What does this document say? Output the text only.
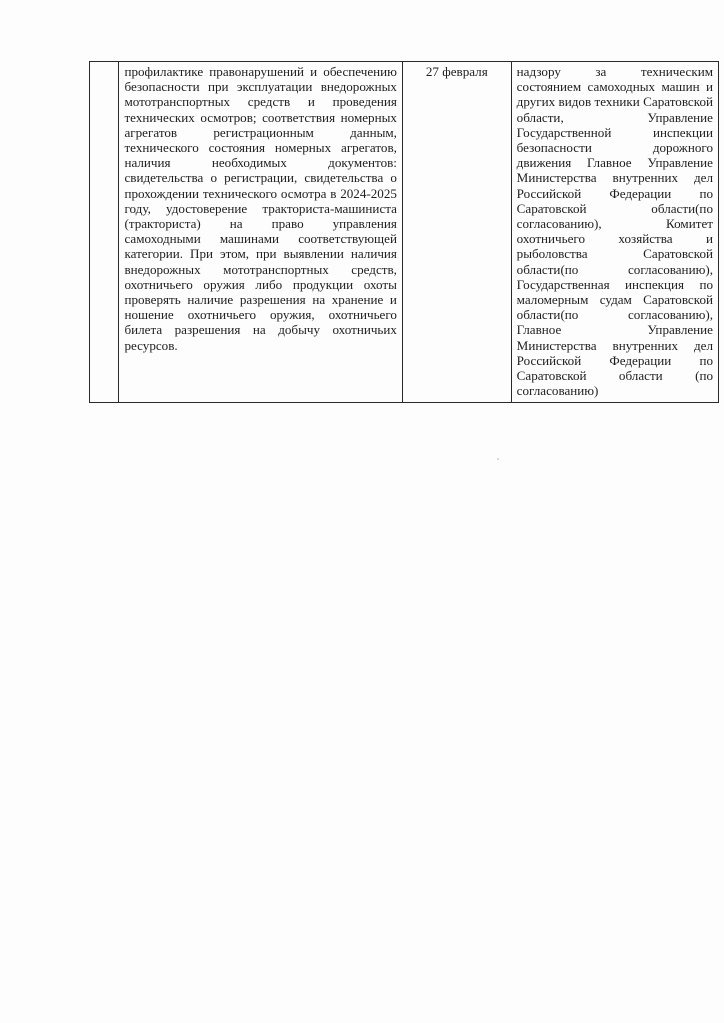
	профилактике правонарушений и обеспечению безопасности при эксплуатации внедорожных мототранспортных средств и проведения технических осмотров; соответствия номерных агрегатов регистрационным данным, технического состояния номерных агрегатов, наличия необходимых документов: свидетельства о регистрации, свидетельства о прохождении технического осмотра в 2024-2025 году, удостоверение тракториста-машиниста (тракториста) на право управления самоходными машинами соответствующей категории. При этом, при выявлении наличия внедорожных мототранспортных средств, охотничьего оружия либо продукции охоты проверять наличие разрешения на хранение и ношение охотничьего оружия, охотничьего билета разрешения на добычу охотничьих ресурсов.	27 февраля	надзору за техническим состоянием самоходных машин и других видов техники Саратовской области, Управление Государственной инспекции безопасности дорожного движения Главное Управление Министерства внутренних дел Российской Федерации по Саратовской области(по согласованию), Комитет охотничьего хозяйства и рыболовства Саратовской области(по согласованию), Государственная инспекция по маломерным судам Саратовской области(по согласованию), Главное Управление Министерства внутренних дел Российской Федерации по Саратовской области (по согласованию)
